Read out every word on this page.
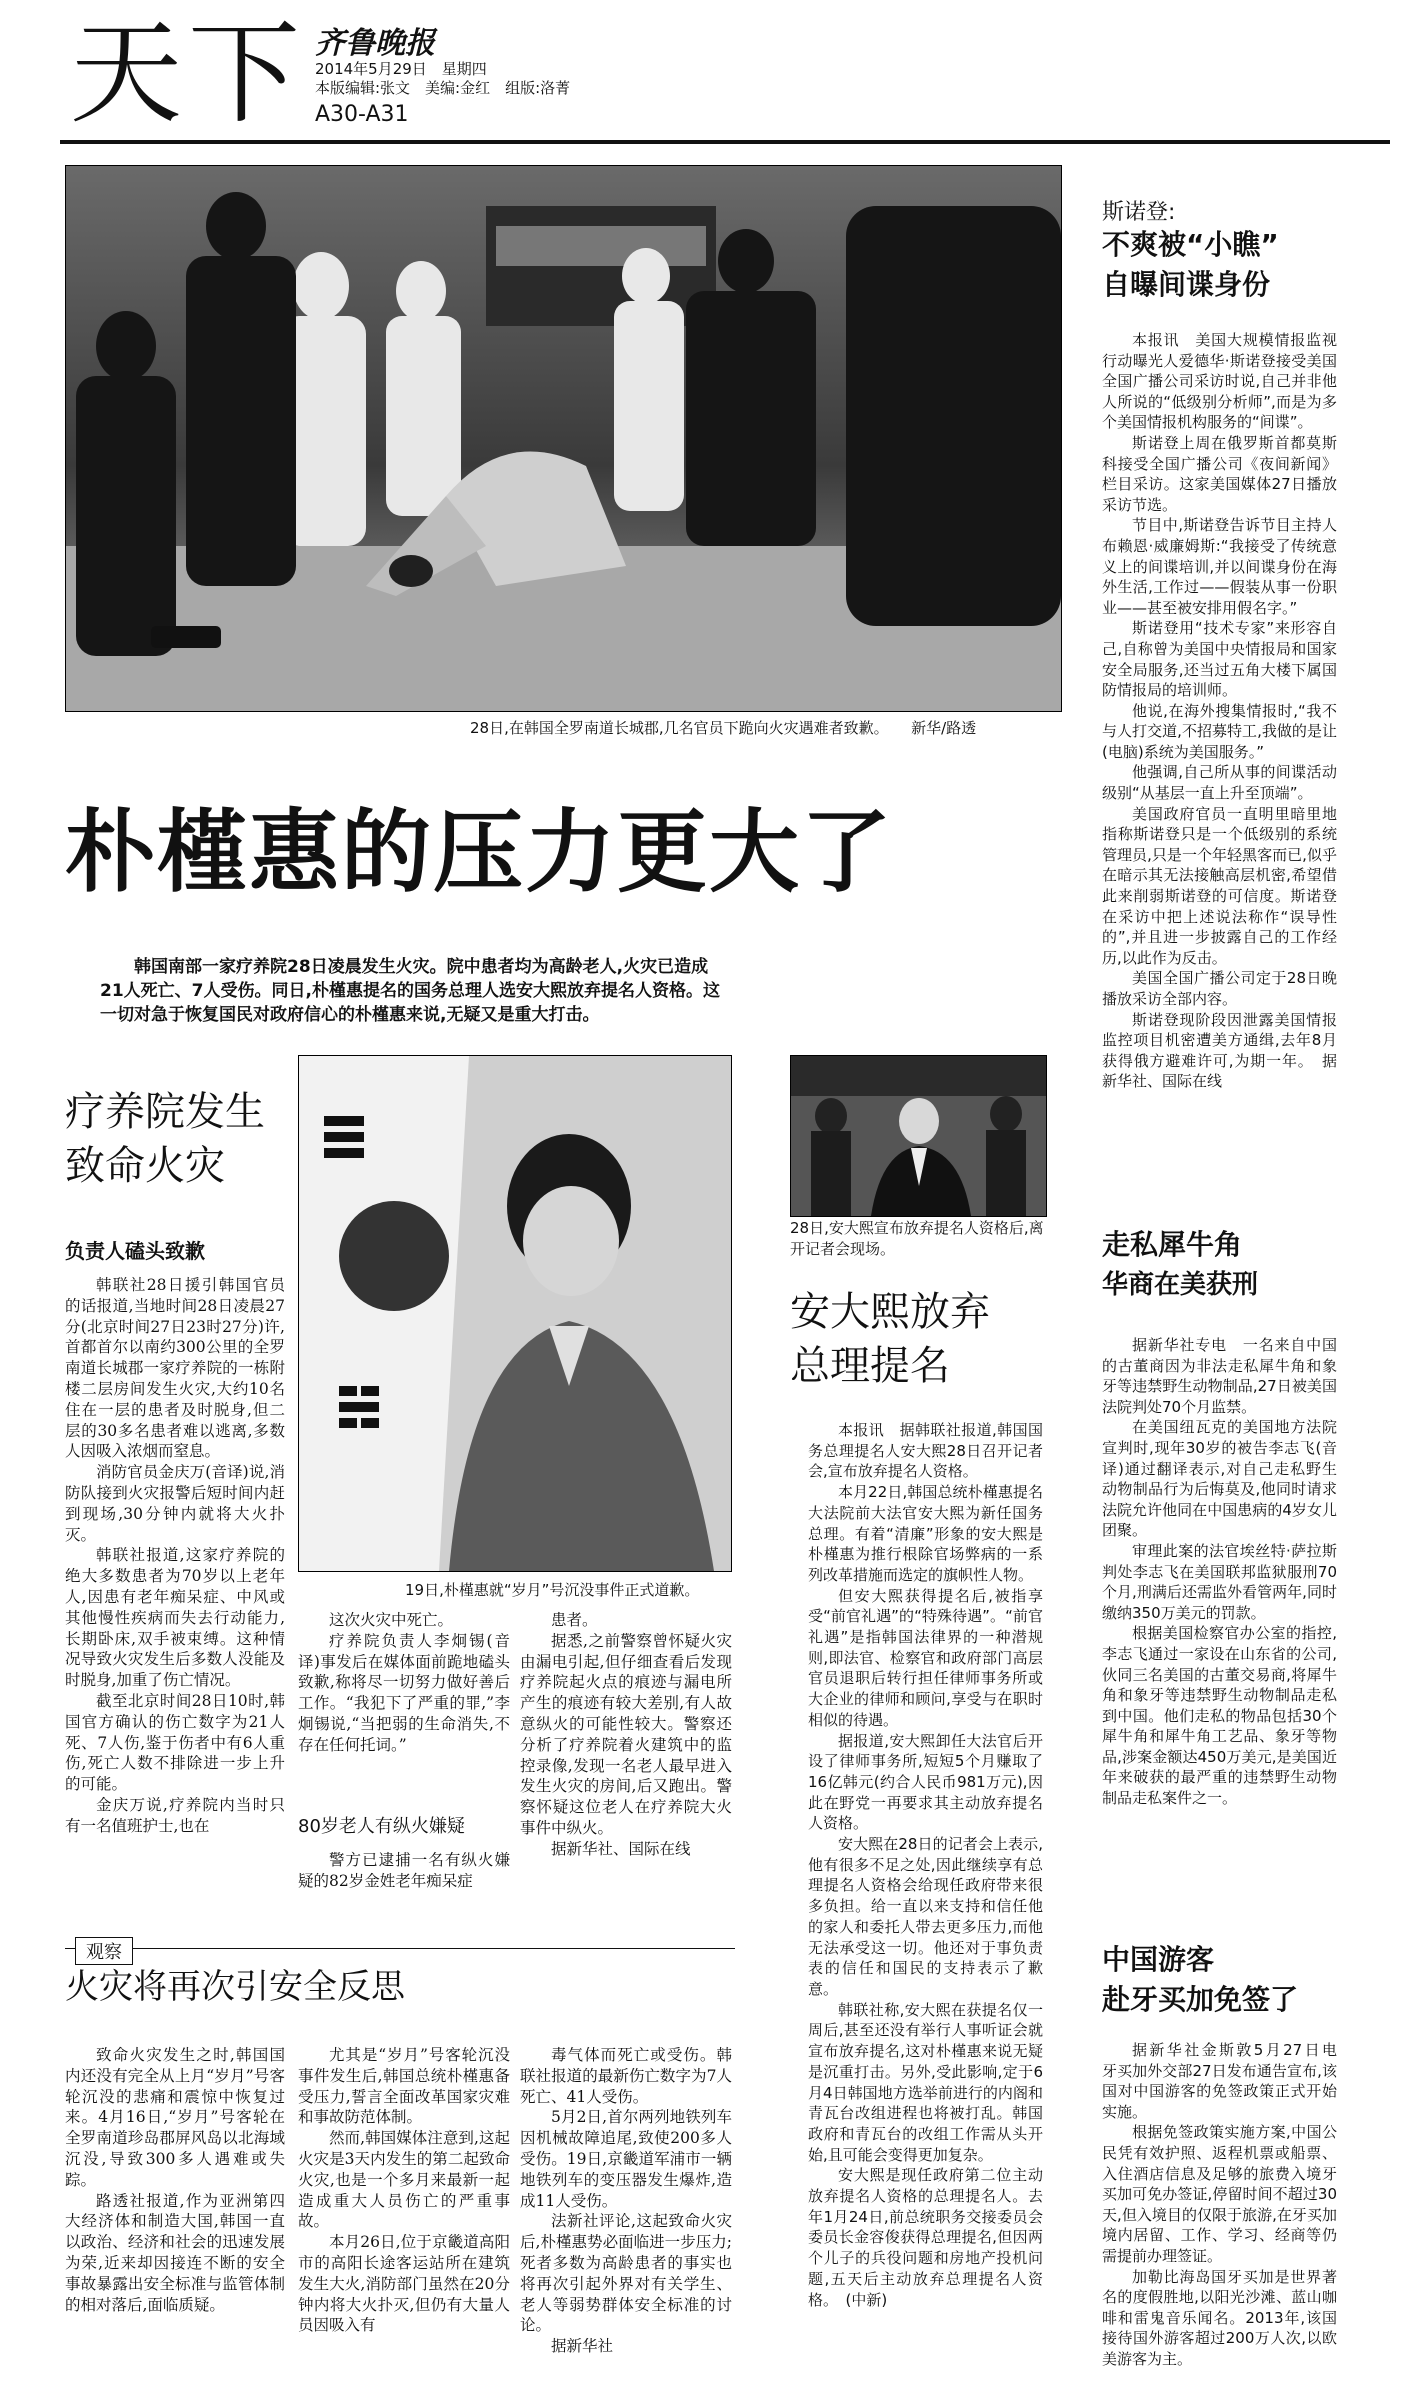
天下 齐鲁晚报
2014年5月29日　星期四
本版编辑:张文　美编:金红　组版:洛菁
A30-A31
28日,在韩国全罗南道长城郡,几名官员下跪向火灾遇难者致歉。　　新华/路透
朴槿惠的压力更大了
韩国南部一家疗养院28日凌晨发生火灾。院中患者均为高龄老人,火灾已造成21人死亡、7人受伤。同日,朴槿惠提名的国务总理人选安大熙放弃提名人资格。这一切对急于恢复国民对政府信心的朴槿惠来说,无疑又是重大打击。
疗养院发生
致命火灾
负责人磕头致歉

韩联社28日援引韩国官员的话报道,当地时间28日凌晨27分(北京时间27日23时27分)许,首都首尔以南约300公里的全罗南道长城郡一家疗养院的一栋附楼二层房间发生火灾,大约10名住在一层的患者及时脱身,但二层的30多名患者难以逃离,多数人因吸入浓烟而窒息。

消防官员金庆万(音译)说,消防队接到火灾报警后短时间内赶到现场,30分钟内就将大火扑灭。

韩联社报道,这家疗养院的绝大多数患者为70岁以上老年人,因患有老年痴呆症、中风或其他慢性疾病而失去行动能力,长期卧床,双手被束缚。这种情况导致火灾发生后多数人没能及时脱身,加重了伤亡情况。

截至北京时间28日10时,韩国官方确认的伤亡数字为21人死、7人伤,鉴于伤者中有6人重伤,死亡人数不排除进一步上升的可能。

金庆万说,疗养院内当时只有一名值班护士,也在

19日,朴槿惠就“岁月”号沉没事件正式道歉。

这次火灾中死亡。

疗养院负责人李炯锡(音译)事发后在媒体面前跪地磕头致歉,称将尽一切努力做好善后工作。“我犯下了严重的罪,”李炯锡说,“当把弱的生命消失,不存在任何托词。”

80岁老人有纵火嫌疑

警方已逮捕一名有纵火嫌疑的82岁金姓老年痴呆症

患者。

据悉,之前警察曾怀疑火灾由漏电引起,但仔细查看后发现疗养院起火点的痕迹与漏电所产生的痕迹有较大差别,有人故意纵火的可能性较大。警察还分析了疗养院着火建筑中的监控录像,发现一名老人最早进入发生火灾的房间,后又跑出。警察怀疑这位老人在疗养院大火事件中纵火。

据新华社、国际在线

28日,安大熙宣布放弃提名人资格后,离开记者会现场。
安大熙放弃
总理提名

本报讯　据韩联社报道,韩国国务总理提名人安大熙28日召开记者会,宣布放弃提名人资格。

本月22日,韩国总统朴槿惠提名大法院前大法官安大熙为新任国务总理。有着“清廉”形象的安大熙是朴槿惠为推行根除官场弊病的一系列改革措施而选定的旗帜性人物。

但安大熙获得提名后,被指享受“前官礼遇”的“特殊待遇”。“前官礼遇”是指韩国法律界的一种潜规则,即法官、检察官和政府部门高层官员退职后转行担任律师事务所或大企业的律师和顾问,享受与在职时相似的待遇。

据报道,安大熙卸任大法官后开设了律师事务所,短短5个月赚取了16亿韩元(约合人民币981万元),因此在野党一再要求其主动放弃提名人资格。

安大熙在28日的记者会上表示,他有很多不足之处,因此继续享有总理提名人资格会给现任政府带来很多负担。给一直以来支持和信任他的家人和委托人带去更多压力,而他无法承受这一切。他还对于事负责表的信任和国民的支持表示了歉意。

韩联社称,安大熙在获提名仅一周后,甚至还没有举行人事听证会就宣布放弃提名,这对朴槿惠来说无疑是沉重打击。另外,受此影响,定于6月4日韩国地方选举前进行的内阁和青瓦台改组进程也将被打乱。韩国政府和青瓦台的改组工作需从头开始,且可能会变得更加复杂。

安大熙是现任政府第二位主动放弃提名人资格的总理提名人。去年1月24日,前总统职务交接委员会委员长金容俊获得总理提名,但因两个儿子的兵役问题和房地产投机问题,五天后主动放弃总理提名人资格。　(中新)

观察
火灾将再次引安全反思

致命火灾发生之时,韩国国内还没有完全从上月“岁月”号客轮沉没的悲痛和震惊中恢复过来。4月16日,“岁月”号客轮在全罗南道珍岛郡屏风岛以北海域沉没,导致300多人遇难或失踪。

路透社报道,作为亚洲第四大经济体和制造大国,韩国一直以政治、经济和社会的迅速发展为荣,近来却因接连不断的安全事故暴露出安全标准与监管体制的相对落后,面临质疑。

尤其是“岁月”号客轮沉没事件发生后,韩国总统朴槿惠备受压力,誓言全面改革国家灾难和事故防范体制。

然而,韩国媒体注意到,这起火灾是3天内发生的第二起致命火灾,也是一个多月来最新一起造成重大人员伤亡的严重事故。

本月26日,位于京畿道高阳市的高阳长途客运站所在建筑发生大火,消防部门虽然在20分钟内将大火扑灭,但仍有大量人员因吸入有

毒气体而死亡或受伤。韩联社报道的最新伤亡数字为7人死亡、41人受伤。

5月2日,首尔两列地铁列车因机械故障追尾,致使200多人受伤。19日,京畿道军浦市一辆地铁列车的变压器发生爆炸,造成11人受伤。

法新社评论,这起致命火灾后,朴槿惠势必面临进一步压力;死者多数为高龄患者的事实也将再次引起外界对有关学生、老人等弱势群体安全标准的讨论。

据新华社

斯诺登:
不爽被“小瞧”
自曝间谍身份

本报讯　美国大规模情报监视行动曝光人爱德华·斯诺登接受美国全国广播公司采访时说,自己并非他人所说的“低级别分析师”,而是为多个美国情报机构服务的“间谍”。

斯诺登上周在俄罗斯首都莫斯科接受全国广播公司《夜间新闻》栏目采访。这家美国媒体27日播放采访节选。

节目中,斯诺登告诉节目主持人布赖恩·威廉姆斯:“我接受了传统意义上的间谍培训,并以间谍身份在海外生活,工作过——假装从事一份职业——甚至被安排用假名字。”

斯诺登用“技术专家”来形容自己,自称曾为美国中央情报局和国家安全局服务,还当过五角大楼下属国防情报局的培训师。

他说,在海外搜集情报时,“我不与人打交道,不招募特工,我做的是让(电脑)系统为美国服务。”

他强调,自己所从事的间谍活动级别“从基层一直上升至顶端”。

美国政府官员一直明里暗里地指称斯诺登只是一个低级别的系统管理员,只是一个年轻黑客而已,似乎在暗示其无法接触高层机密,希望借此来削弱斯诺登的可信度。斯诺登在采访中把上述说法称作“误导性的”,并且进一步披露自己的工作经历,以此作为反击。

美国全国广播公司定于28日晚播放采访全部内容。

斯诺登现阶段因泄露美国情报监控项目机密遭美方通缉,去年8月获得俄方避难许可,为期一年。　据新华社、国际在线

走私犀牛角
华商在美获刑

据新华社专电　一名来自中国的古董商因为非法走私犀牛角和象牙等违禁野生动物制品,27日被美国法院判处70个月监禁。

在美国纽瓦克的美国地方法院宣判时,现年30岁的被告李志飞(音译)通过翻译表示,对自己走私野生动物制品行为后悔莫及,他同时请求法院允许他同在中国患病的4岁女儿团聚。

审理此案的法官埃丝特·萨拉斯判处李志飞在美国联邦监狱服刑70个月,刑满后还需监外看管两年,同时缴纳350万美元的罚款。

根据美国检察官办公室的指控,李志飞通过一家设在山东省的公司,伙同三名美国的古董交易商,将犀牛角和象牙等违禁野生动物制品走私到中国。他们走私的物品包括30个犀牛角和犀牛角工艺品、象牙等物品,涉案金额达450万美元,是美国近年来破获的最严重的违禁野生动物制品走私案件之一。

中国游客
赴牙买加免签了

据新华社金斯敦5月27日电　牙买加外交部27日发布通告宣布,该国对中国游客的免签政策正式开始实施。

根据免签政策实施方案,中国公民凭有效护照、返程机票或船票、入住酒店信息及足够的旅费入境牙买加可免办签证,停留时间不超过30天,但入境目的仅限于旅游,在牙买加境内居留、工作、学习、经商等仍需提前办理签证。

加勒比海岛国牙买加是世界著名的度假胜地,以阳光沙滩、蓝山咖啡和雷鬼音乐闻名。2013年,该国接待国外游客超过200万人次,以欧美游客为主。
